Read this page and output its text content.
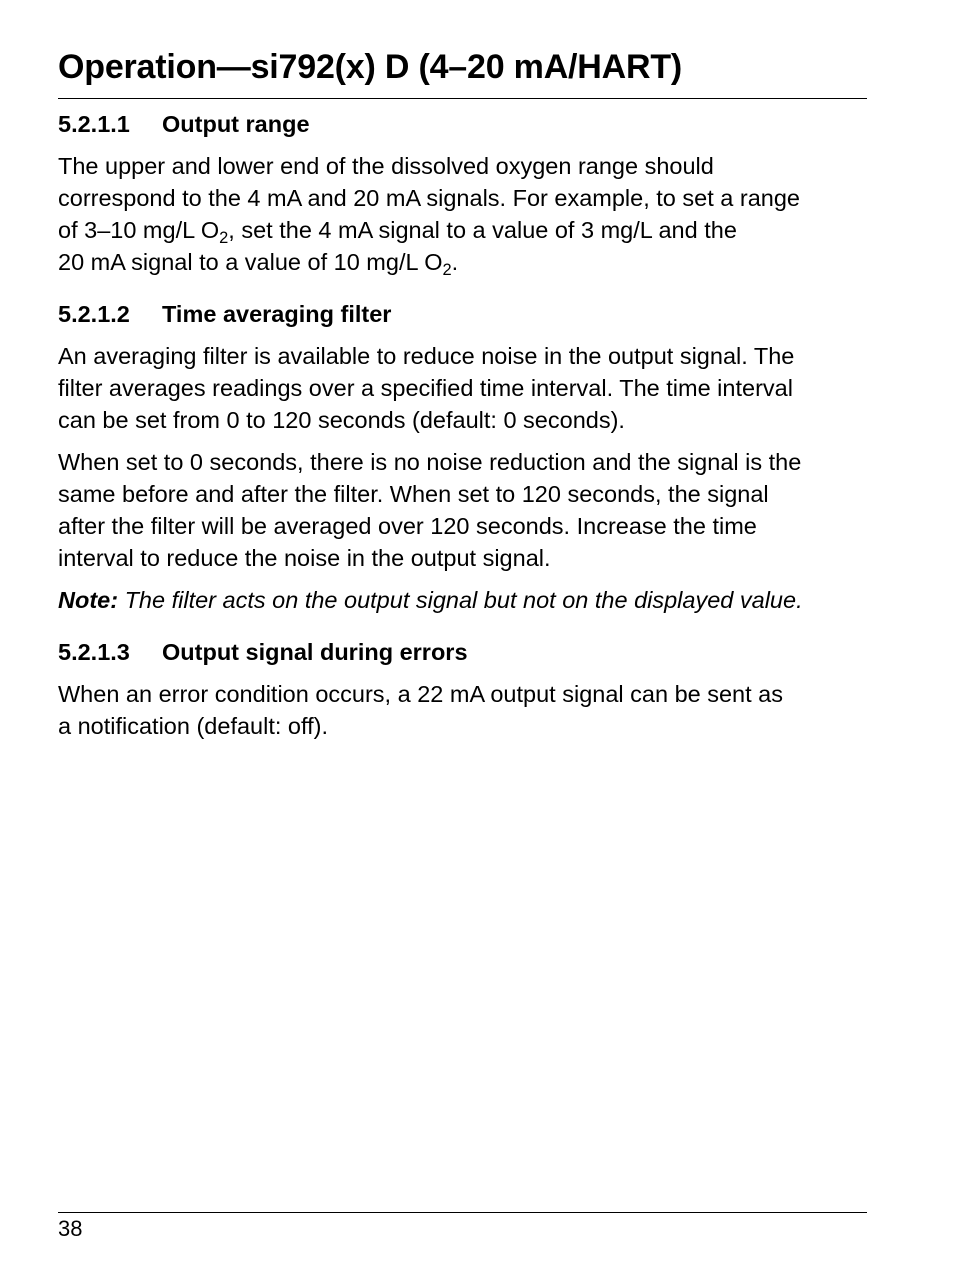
Operation—si792(x) D (4–20 mA/HART)
5.2.1.1 Output range

The upper and lower end of the dissolved oxygen range should
correspond to the 4 mA and 20 mA signals. For example, to set a range
of 3–10 mg/L $O_2$, set the 4 mA signal to a value of 3 mg/L and the
20 mA signal to a value of 10 mg/L $O_2$.

5.2.1.2 Time averaging filter

An averaging filter is available to reduce noise in the output signal. The
filter averages readings over a specified time interval. The time interval
can be set from 0 to 120 seconds (default: 0 seconds).

When set to 0 seconds, there is no noise reduction and the signal is the
same before and after the filter. When set to 120 seconds, the signal
after the filter will be averaged over 120 seconds. Increase the time
interval to reduce the noise in the output signal.

Note: The filter acts on the output signal but not on the displayed value.

5.2.1.3 Output signal during errors

When an error condition occurs, a 22 mA output signal can be sent as
a notification (default: off).

38
